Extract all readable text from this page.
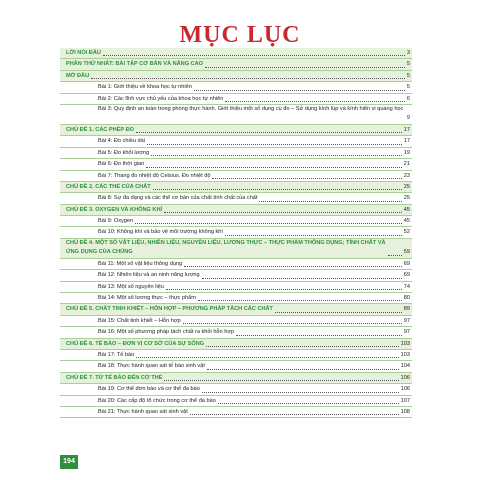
MỤC LỤC
LỜI NÓI ĐẦU	3
PHẦN THỨ NHẤT: BÀI TẬP CƠ BẢN VÀ NÂNG CAO	5
MỞ ĐẦU	5
Bài 1: Giới thiệu về khoa học tự nhiên	5
Bài 2: Các lĩnh vực chủ yếu của khoa học tự nhiên	6
Bài 3: Quy định an toàn trong phòng thực hành. Giới thiệu một số dụng cụ đo – Sử dụng kính lúp và kính hiển vi quang học
9
CHỦ ĐỀ 1. CÁC PHÉP ĐO	17
Bài 4: Đo chiều dài	17
Bài 5: Đo khối lượng	19
Bài 6: Đo thời gian	21
Bài 7: Thang đo nhiệt độ Celsius. Đo nhiệt độ	23
CHỦ ĐỀ 2. CÁC THỂ CỦA CHẤT	25
Bài 8: Sự đa dạng và các thể cơ bản của chất tính chất của chất	25
CHỦ ĐỀ 3. OXYGEN VÀ KHÔNG KHÍ	45
Bài 9: Oxygen	45
Bài 10: Không khí và bảo vệ môi trường không khí	52
CHỦ ĐỀ 4. MỘT SỐ VẬT LIỆU, NHIÊN LIỆU, NGUYÊN LIỆU, LƯƠNG THỰC – THỰC PHẨM THÔNG DỤNG; TÍNH CHẤT VÀ ỨNG DỤNG CỦA CHÚNG	59
Bài 11: Một số vật liệu thông dụng	69
Bài 12: Nhiên liệu và an ninh năng lượng	69
Bài 13: Một số nguyên liệu	74
Bài 14: Một số lương thực – thực phẩm	80
CHỦ ĐỀ 5. CHẤT TINH KHIẾT – HỖN HỢP – PHƯƠNG PHÁP TÁCH CÁC CHẤT	89
Bài 15: Chất tinh khiết – Hỗn hợp	97
Bài 16: Một số phương pháp tách chất ra khỏi hỗn hợp	97
CHỦ ĐỀ 6. TẾ BÀO – ĐƠN VỊ CƠ SỞ CỦA SỰ SỐNG	103
Bài 17: Tế bào	103
Bài 18: Thực hành quan sát tế bào sinh vật	104
CHỦ ĐỀ 7. TỪ TẾ BÀO ĐẾN CƠ THỂ	106
Bài 19: Cơ thể đơn bào và cơ thể đa bào	106
Bài 20: Các cấp độ tổ chức trong cơ thể đa bào	107
Bài 21: Thực hành quan sát sinh vật	108
194
